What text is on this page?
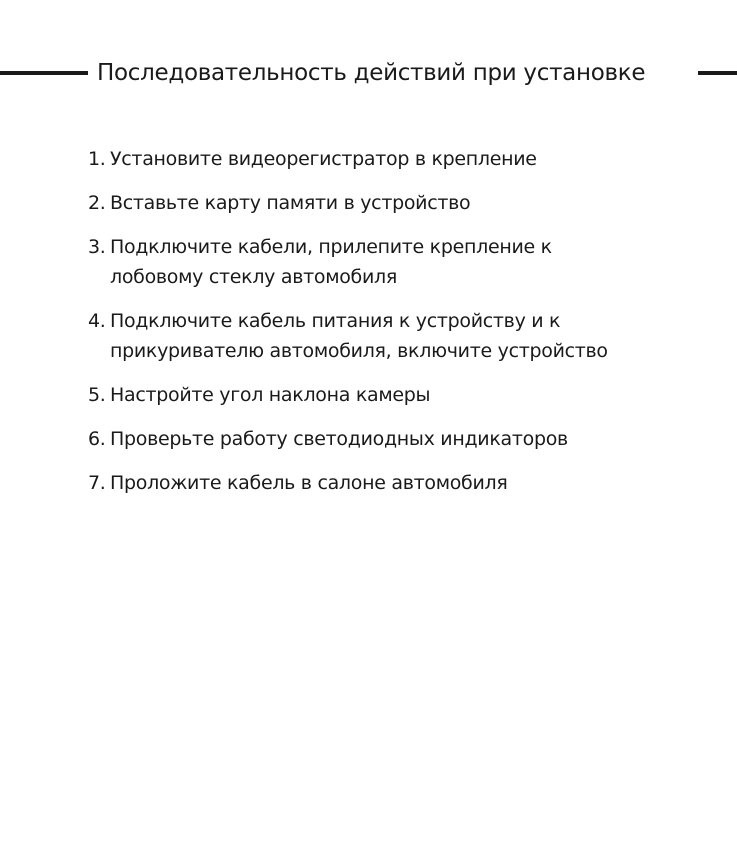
Последовательность действий при установке
1. Установите видеорегистратор в крепление
2. Вставьте карту памяти в устройство
3. Подключите кабели, прилепите крепление к
лобовому стеклу автомобиля
4. Подключите кабель питания к устройству и к
прикуривателю автомобиля, включите устройство
5. Настройте угол наклона камеры
6. Проверьте работу светодиодных индикаторов
7. Проложите кабель в салоне автомобиля
